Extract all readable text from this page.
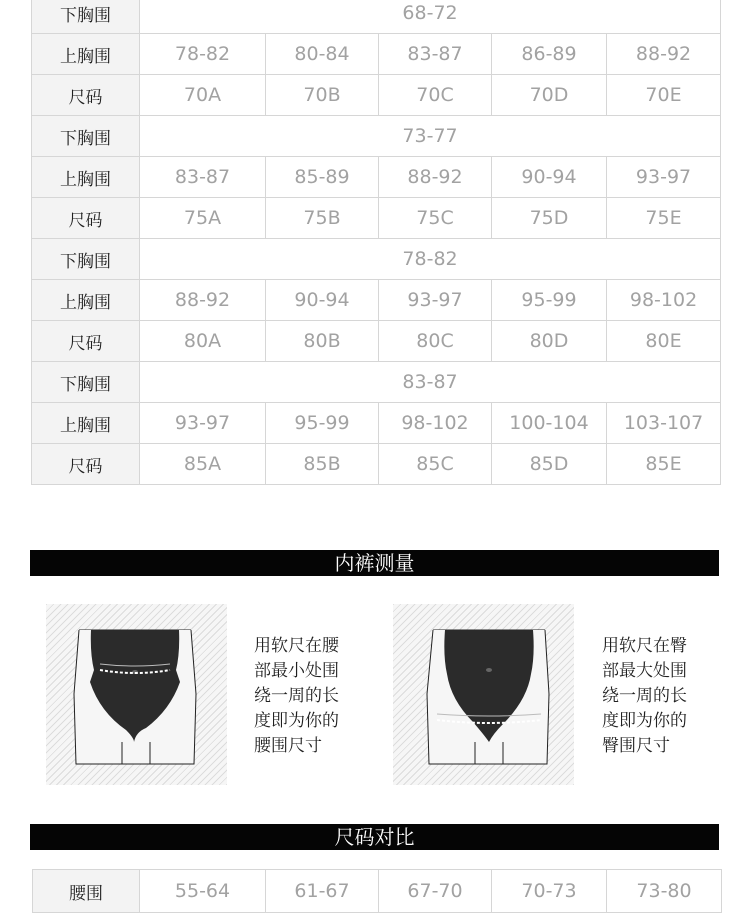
下胸围	68-72				
上胸围	78-82	80-84	83-87	86-89	88-92
尺码	70A	70B	70C	70D	70E
下胸围	73-77				
上胸围	83-87	85-89	88-92	90-94	93-97
尺码	75A	75B	75C	75D	75E
下胸围	78-82				
上胸围	88-92	90-94	93-97	95-99	98-102
尺码	80A	80B	80C	80D	80E
下胸围	83-87				
上胸围	93-97	95-99	98-102	100-104	103-107
尺码	85A	85B	85C	85D	85E
内裤测量
用软尺在腰
部最小处围
绕一周的长
度即为你的
腰围尺寸
用软尺在臀
部最大处围
绕一周的长
度即为你的
臀围尺寸
尺码对比
腰围	55-64	61-67	67-70	70-73	73-80
